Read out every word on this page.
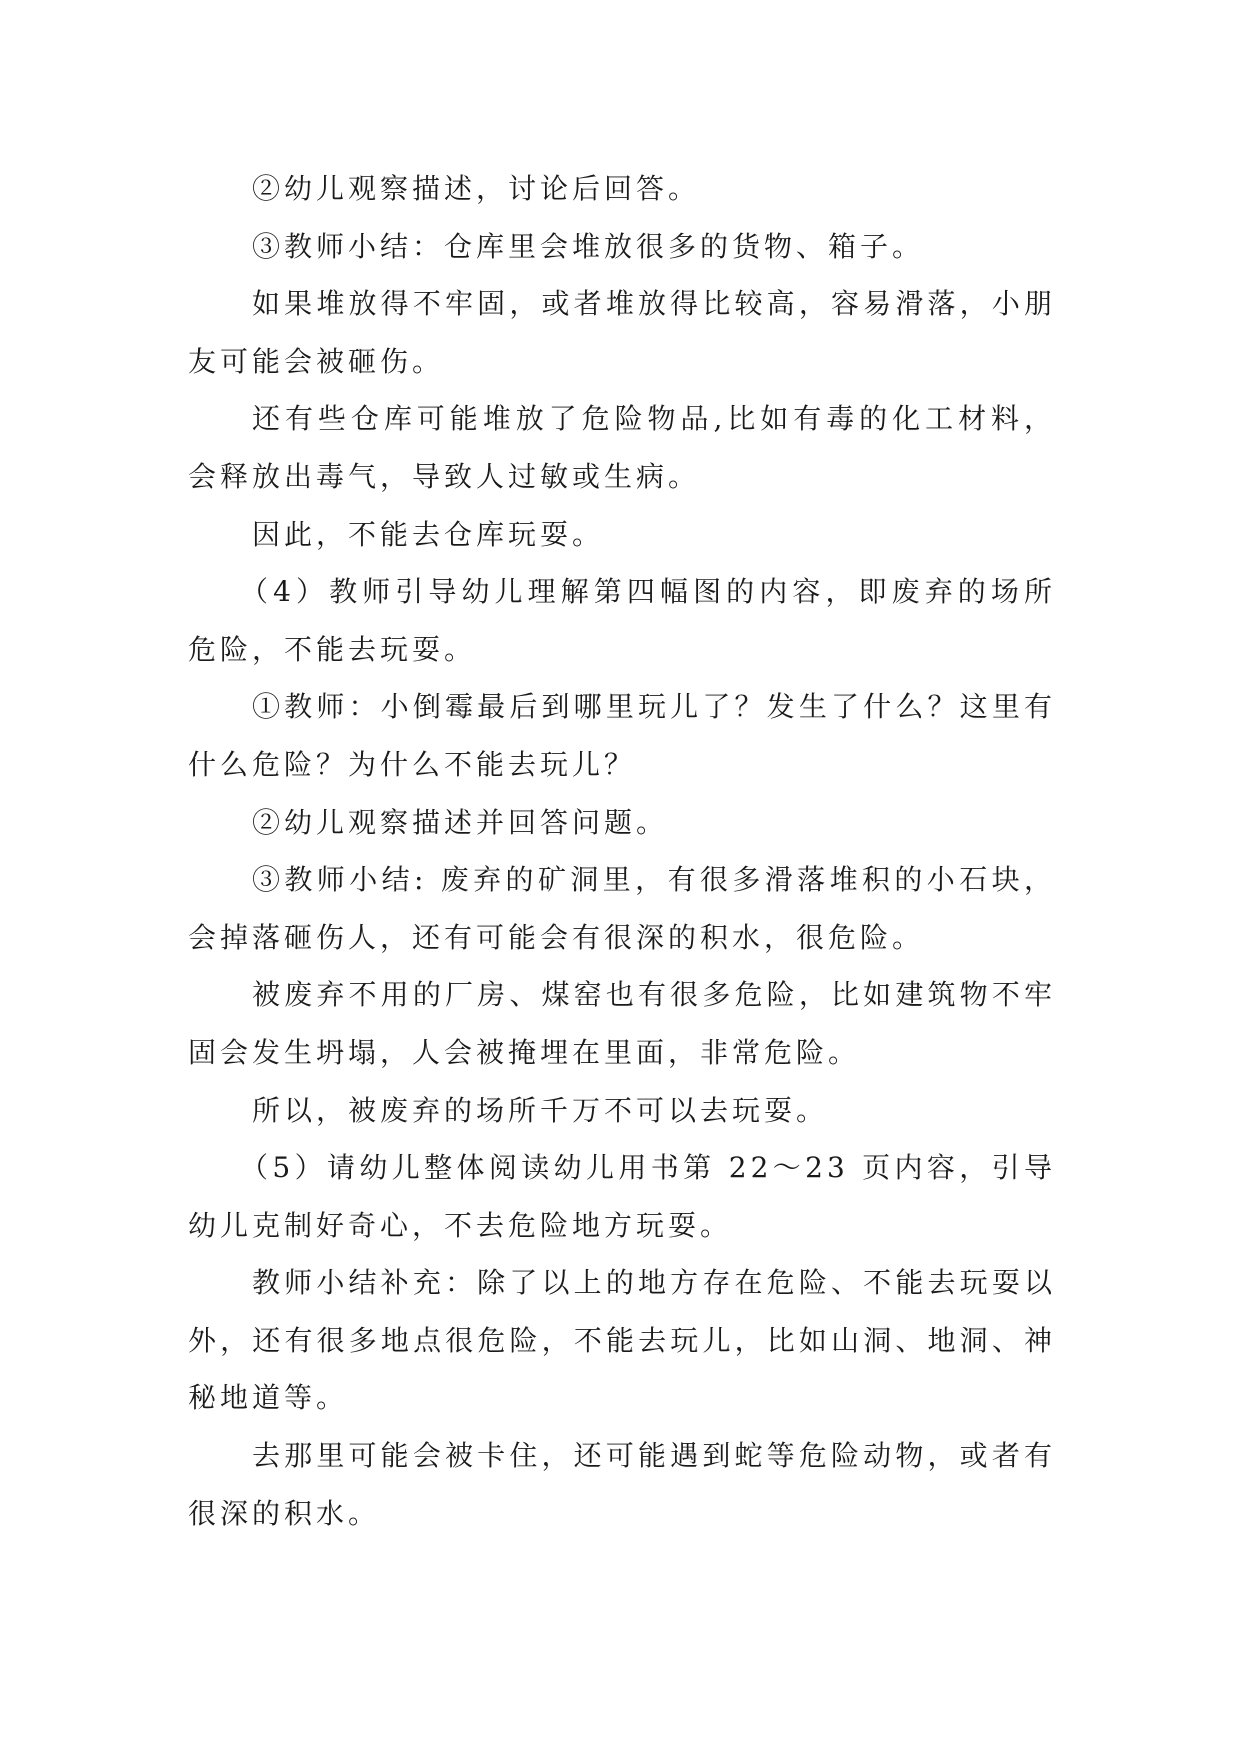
②幼儿观察描述，讨论后回答。

③教师小结：仓库里会堆放很多的货物、箱子。

如果堆放得不牢固，或者堆放得比较高，容易滑落，小朋友可能会被砸伤。

还有些仓库可能堆放了危险物品,比如有毒的化工材料，会释放出毒气，导致人过敏或生病。

因此，不能去仓库玩耍。

（4）教师引导幼儿理解第四幅图的内容，即废弃的场所危险，不能去玩耍。

①教师：小倒霉最后到哪里玩儿了？发生了什么？这里有什么危险？为什么不能去玩儿？

②幼儿观察描述并回答问题。

③教师小结: 废弃的矿洞里，有很多滑落堆积的小石块，会掉落砸伤人，还有可能会有很深的积水，很危险。

被废弃不用的厂房、煤窑也有很多危险，比如建筑物不牢固会发生坍塌，人会被掩埋在里面，非常危险。

所以，被废弃的场所千万不可以去玩耍。

（5）请幼儿整体阅读幼儿用书第 22～23 页内容，引导幼儿克制好奇心，不去危险地方玩耍。

教师小结补充：除了以上的地方存在危险、不能去玩耍以外，还有很多地点很危险，不能去玩儿，比如山洞、地洞、神秘地道等。

去那里可能会被卡住，还可能遇到蛇等危险动物，或者有很深的积水。
